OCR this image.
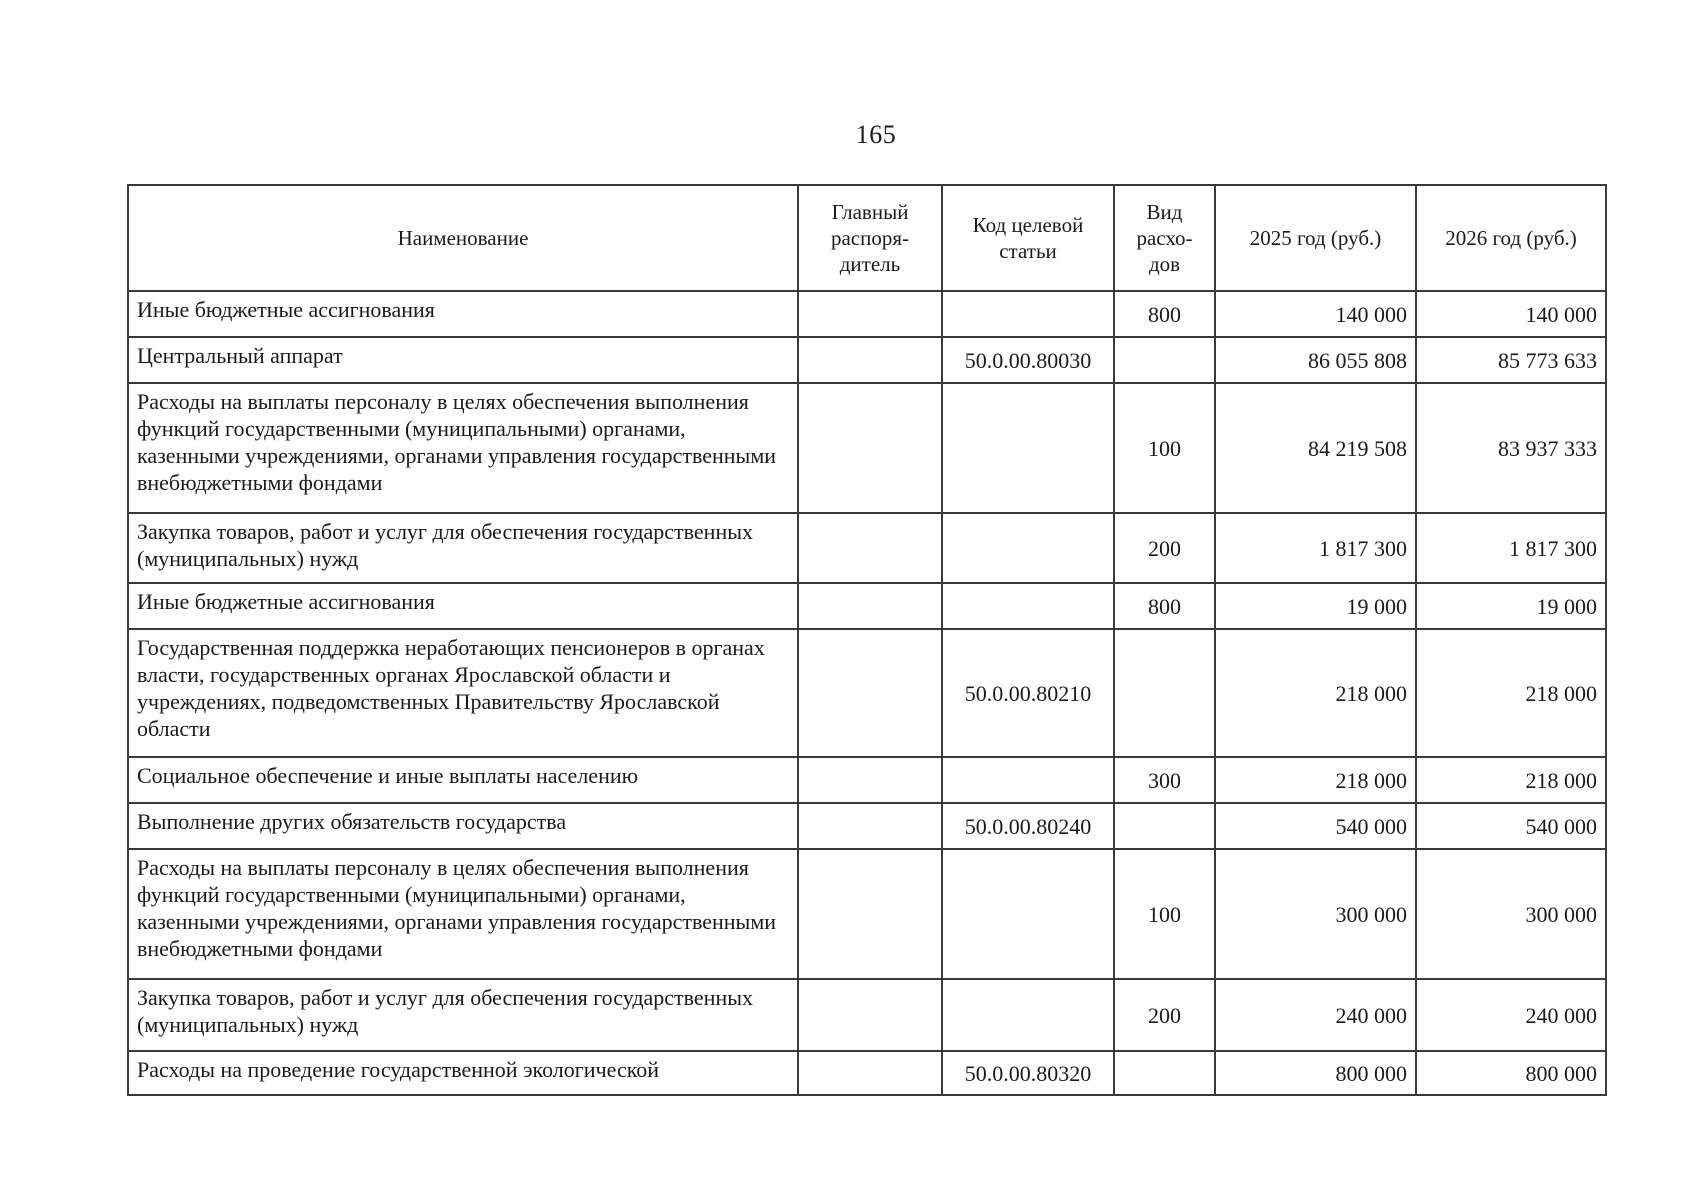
165
Наименование	Главный распоря-дитель	Код целевой статьи	Вид расхо-дов	2025 год (руб.)	2026 год (руб.)
Иные бюджетные ассигнования			800	140 000	140 000
Центральный аппарат		50.0.00.80030		86 055 808	85 773 633
Расходы на выплаты персоналу в целях обеспечения выполнения функций государственными (муниципальными) органами, казенными учреждениями, органами управления государственными внебюджетными фондами			100	84 219 508	83 937 333
Закупка товаров, работ и услуг для обеспечения государственных (муниципальных) нужд			200	1 817 300	1 817 300
Иные бюджетные ассигнования			800	19 000	19 000
Государственная поддержка неработающих пенсионеров в органах власти, государственных органах Ярославской области и учреждениях, подведомственных Правительству Ярославской области		50.0.00.80210		218 000	218 000
Социальное обеспечение и иные выплаты населению			300	218 000	218 000
Выполнение других обязательств государства		50.0.00.80240		540 000	540 000
Расходы на выплаты персоналу в целях обеспечения выполнения функций государственными (муниципальными) органами, казенными учреждениями, органами управления государственными внебюджетными фондами			100	300 000	300 000
Закупка товаров, работ и услуг для обеспечения государственных (муниципальных) нужд			200	240 000	240 000
Расходы на проведение государственной экологической		50.0.00.80320		800 000	800 000
